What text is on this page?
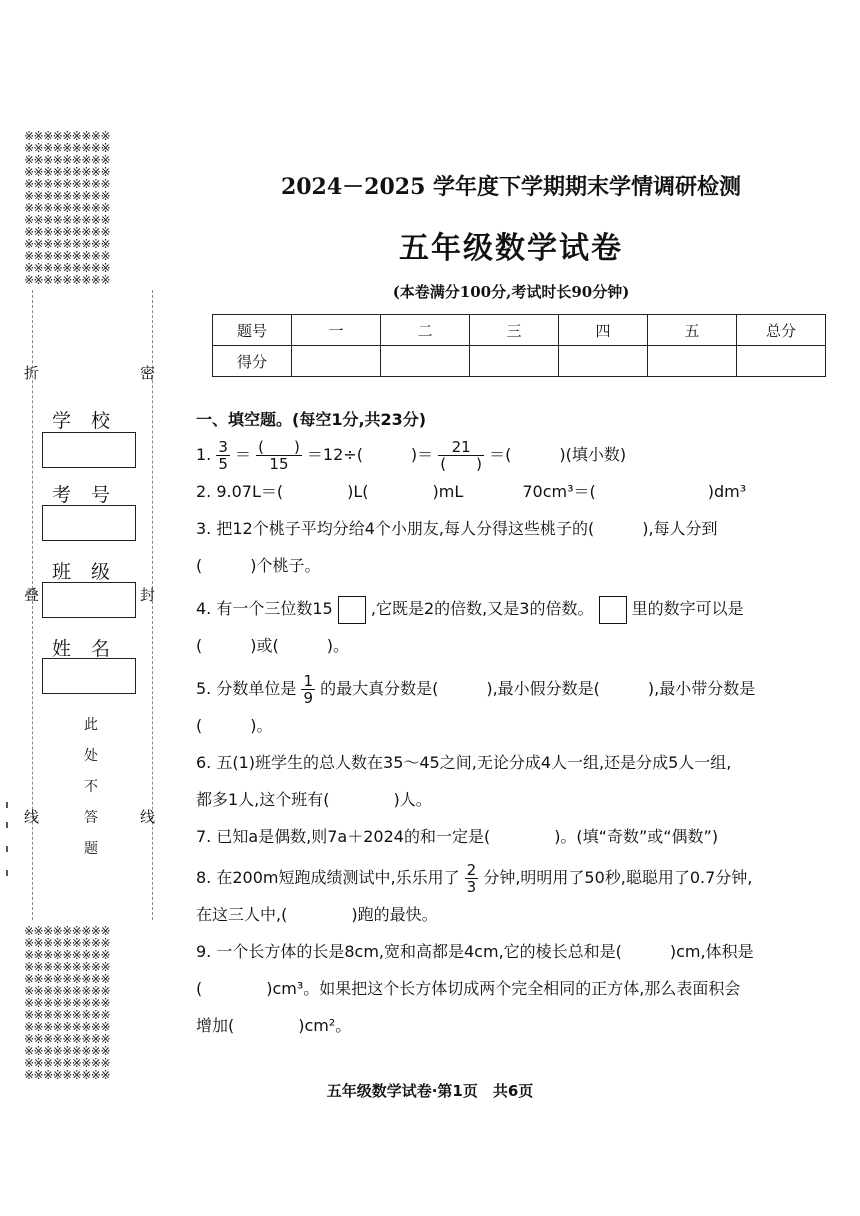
※※※※※※※※※
※※※※※※※※※
※※※※※※※※※
※※※※※※※※※
※※※※※※※※※
※※※※※※※※※
※※※※※※※※※
※※※※※※※※※
※※※※※※※※※
※※※※※※※※※
※※※※※※※※※
※※※※※※※※※
※※※※※※※※※
折	密
学校
考号
班级
叠	封
姓名
此
处
不
答
题
线	线
※※※※※※※※※
※※※※※※※※※
※※※※※※※※※
※※※※※※※※※
※※※※※※※※※
※※※※※※※※※
※※※※※※※※※
※※※※※※※※※
※※※※※※※※※
※※※※※※※※※
※※※※※※※※※
※※※※※※※※※
※※※※※※※※※
2024－2025 学年度下学期期末学情调研检测
五年级数学试卷
(本卷满分100分,考试时长90分钟)
题号	一	二	三	四	五	总分
得分						
一、填空题。(每空1分,共23分)
1. $\frac{3}{5} = \frac{( )}{15} =12\div$(　　　)＝ $\frac{21}{( )}$ ＝(　　　)(填小数)
2. 9.07L＝(　　　　)L(　　　　)mL	70cm³＝(　　　　　　　)dm³
3. 把12个桃子平均分给4个小朋友,每人分得这些桃子的(　　　),每人分到
(　　　)个桃子。
4. 有一个三位数15 ,它既是2的倍数,又是3的倍数。 里的数字可以是
(　　　)或(　　　)。
5. 分数单位是 $\frac{1}{9}$ 的最大真分数是(　　　),最小假分数是(　　　),最小带分数是
(　　　)。
6. 五(1)班学生的总人数在35～45之间,无论分成4人一组,还是分成5人一组,
都多1人,这个班有(　　　　)人。
7. 已知a是偶数,则7a＋2024的和一定是(　　　　)。(填“奇数”或“偶数”)
8. 在200m短跑成绩测试中,乐乐用了 $\frac{2}{3}$ 分钟,明明用了50秒,聪聪用了0.7分钟,
在这三人中,(　　　　)跑的最快。
9. 一个长方体的长是8cm,宽和高都是4cm,它的棱长总和是(　　　)cm,体积是
(　　　　)cm³。如果把这个长方体切成两个完全相同的正方体,那么表面积会
增加(　　　　)cm²。
五年级数学试卷·第1页　共6页
